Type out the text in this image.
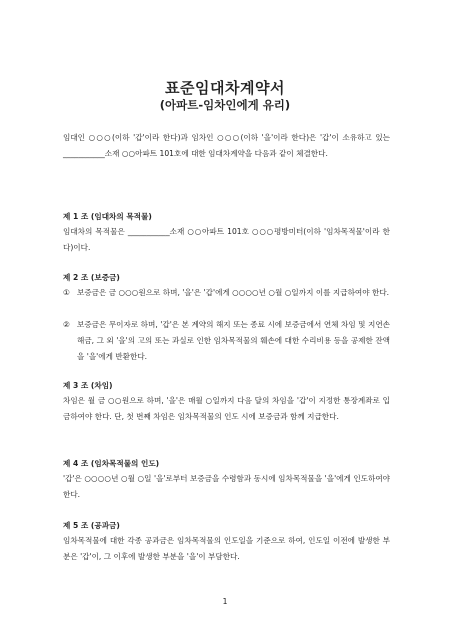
표준임대차계약서
(아파트-임차인에게 유리)
임대인 ○○○(이하 '갑'이라 한다)과 임차인 ○○○(이하 '을'이라 한다)은 '갑'이 소유하고 있는 ___________소재 ○○아파트 101호에 대한 임대차계약을 다음과 같이 체결한다.
제 1 조 (임대차의 목적물)
임대차의 목적물은 ___________소재 ○○아파트 101호 ○○○평방미터(이하 '임차목적물'이라 한다)이다.
제 2 조 (보증금)
① 보증금은 금 ○○○원으로 하며, '을'은 '갑'에게 ○○○○년 ○월 ○일까지 이를 지급하여야 한다.
② 보증금은 무이자로 하며, '갑'은 본 계약의 해지 또는 종료 시에 보증금에서 연체 차임 및 지연손해금, 그 외 '을'의 고의 또는 과실로 인한 임차목적물의 훼손에 대한 수리비용 등을 공제한 잔액을 '을'에게 반환한다.
제 3 조 (차임)
차임은 월 금 ○○원으로 하며, '을'은 매월 ○일까지 다음 달의 차임을 '갑'이 지정한 통장계좌로 입금하여야 한다. 단, 첫 번째 차임은 임차목적물의 인도 시에 보증금과 함께 지급한다.
제 4 조 (임차목적물의 인도)
'갑'은 ○○○○년 ○월 ○일 '을'로부터 보증금을 수령함과 동시에 임차목적물을 '을'에게 인도하여야 한다.
제 5 조 (공과금)
임차목적물에 대한 각종 공과금은 임차목적물의 인도일을 기준으로 하여, 인도일 이전에 발생한 부분은 '갑'이, 그 이후에 발생한 부분을 '을'이 부담한다.
1
